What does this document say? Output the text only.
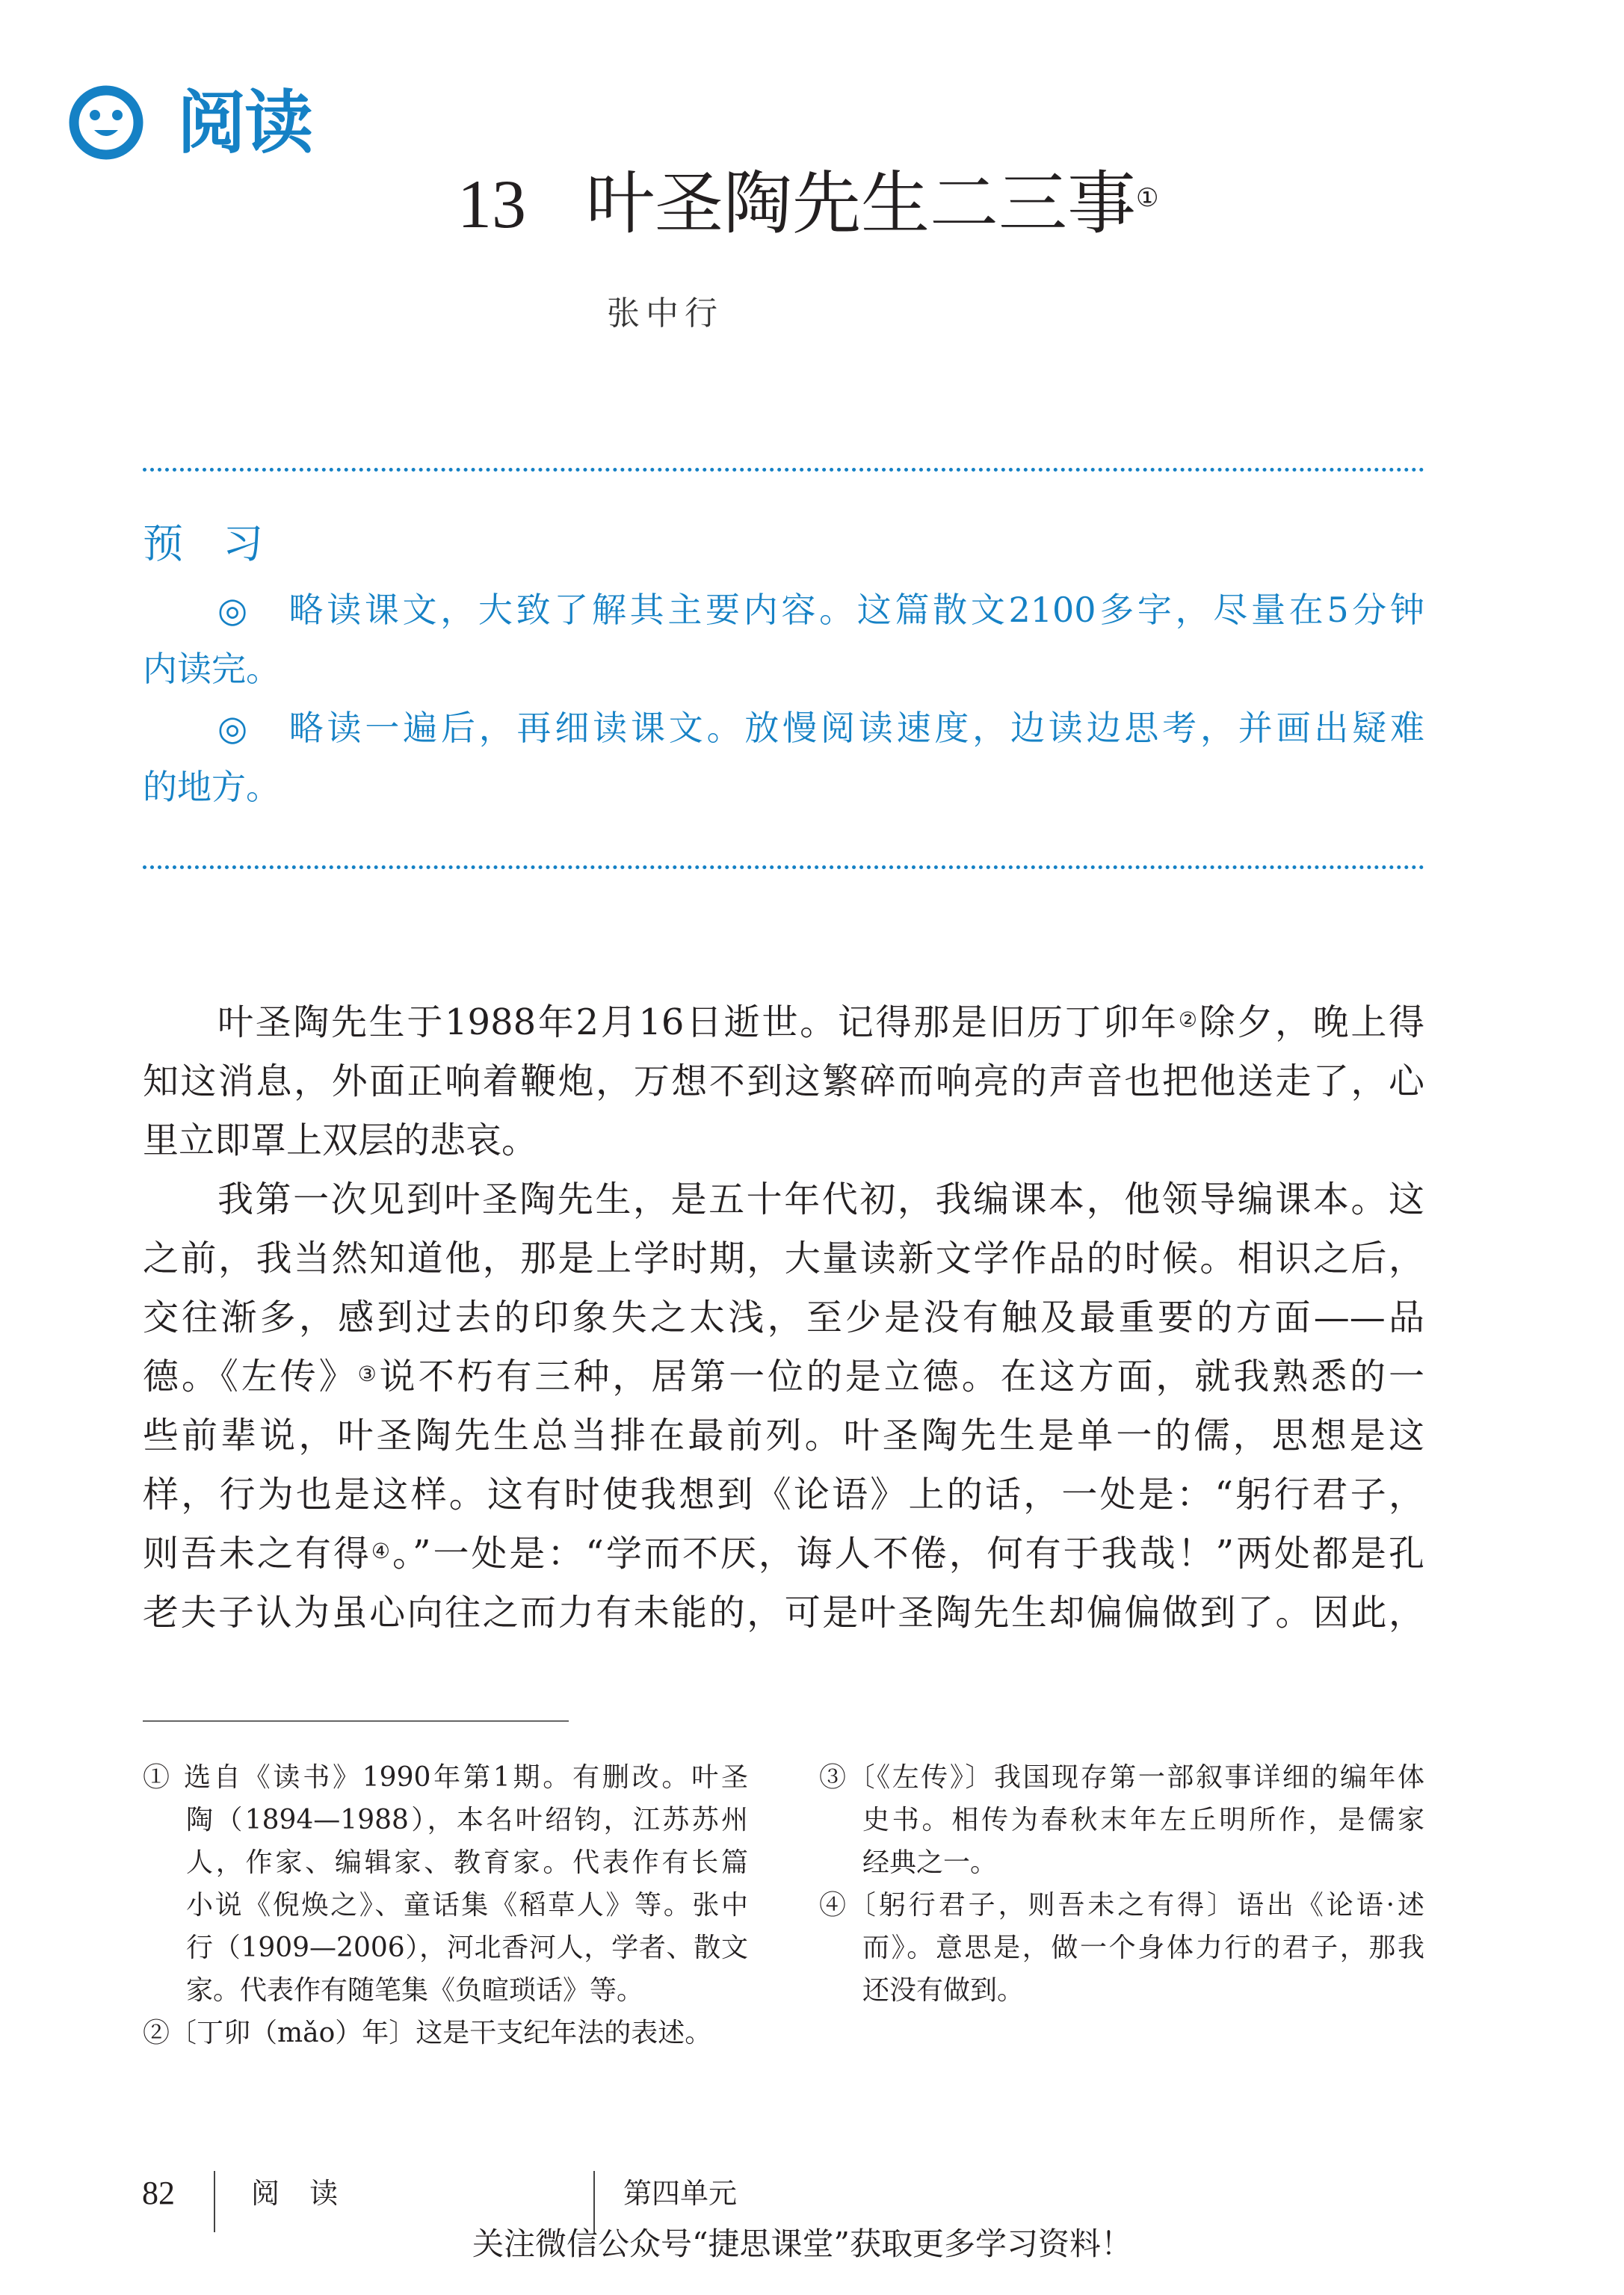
阅读
13 叶圣陶先生二三事①
张中行
预 习
◎　略读课文，大致了解其主要内容。这篇散文2100多字，尽量在5分钟
内读完。
◎　略读一遍后，再细读课文。放慢阅读速度，边读边思考，并画出疑难
的地方。
叶圣陶先生于1988年2月16日逝世。记得那是旧历丁卯年②除夕，晚上得
知这消息，外面正响着鞭炮，万想不到这繁碎而响亮的声音也把他送走了，心
里立即罩上双层的悲哀。
我第一次见到叶圣陶先生，是五十年代初，我编课本，他领导编课本。这
之前，我当然知道他，那是上学时期，大量读新文学作品的时候。相识之后，
交往渐多，感到过去的印象失之太浅，至少是没有触及最重要的方面——品
德。《左传》③说不朽有三种，居第一位的是立德。在这方面，就我熟悉的一
些前辈说，叶圣陶先生总当排在最前列。叶圣陶先生是单一的儒，思想是这
样，行为也是这样。这有时使我想到《论语》上的话，一处是：“躬行君子，
则吾未之有得④。”一处是：“学而不厌，诲人不倦，何有于我哉！”两处都是孔
老夫子认为虽心向往之而力有未能的，可是叶圣陶先生却偏偏做到了。因此，
① 选自《读书》1990年第1期。有删改。叶圣
陶（1894—1988），本名叶绍钧，江苏苏州
人，作家、编辑家、教育家。代表作有长篇
小说《倪焕之》、童话集《稻草人》等。张中
行（1909—2006），河北香河人，学者、散文
家。代表作有随笔集《负暄琐话》等。
②〔丁卯（mǎo）年〕这是干支纪年法的表述。
③〔《左传》〕我国现存第一部叙事详细的编年体
史书。相传为春秋末年左丘明所作，是儒家
经典之一。
④〔躬行君子，则吾未之有得〕语出《论语·述
而》。意思是，做一个身体力行的君子，那我
还没有做到。
82	阅 读	第四单元
关注微信公众号“捷思课堂”获取更多学习资料！
